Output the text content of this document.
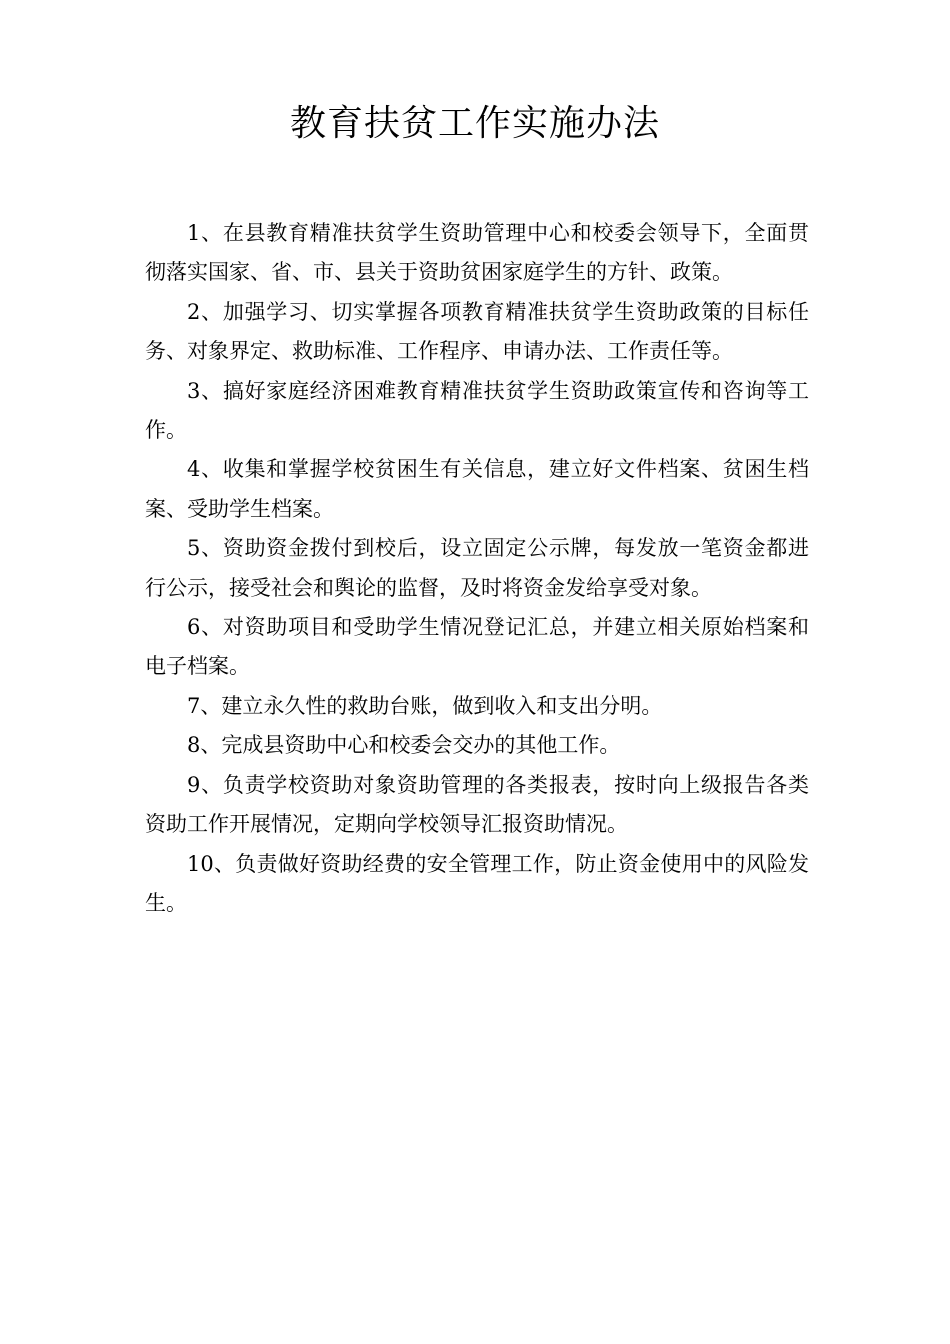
教育扶贫工作实施办法

1、在县教育精准扶贫学生资助管理中心和校委会领导下，全面贯彻落实国家、省、市、县关于资助贫困家庭学生的方针、政策。

2、加强学习、切实掌握各项教育精准扶贫学生资助政策的目标任务、对象界定、救助标准、工作程序、申请办法、工作责任等。

3、搞好家庭经济困难教育精准扶贫学生资助政策宣传和咨询等工作。

4、收集和掌握学校贫困生有关信息，建立好文件档案、贫困生档案、受助学生档案。

5、资助资金拨付到校后，设立固定公示牌，每发放一笔资金都进行公示，接受社会和舆论的监督，及时将资金发给享受对象。

6、对资助项目和受助学生情况登记汇总，并建立相关原始档案和电子档案。

7、建立永久性的救助台账，做到收入和支出分明。

8、完成县资助中心和校委会交办的其他工作。

9、负责学校资助对象资助管理的各类报表，按时向上级报告各类资助工作开展情况，定期向学校领导汇报资助情况。

10、负责做好资助经费的安全管理工作，防止资金使用中的风险发生。
